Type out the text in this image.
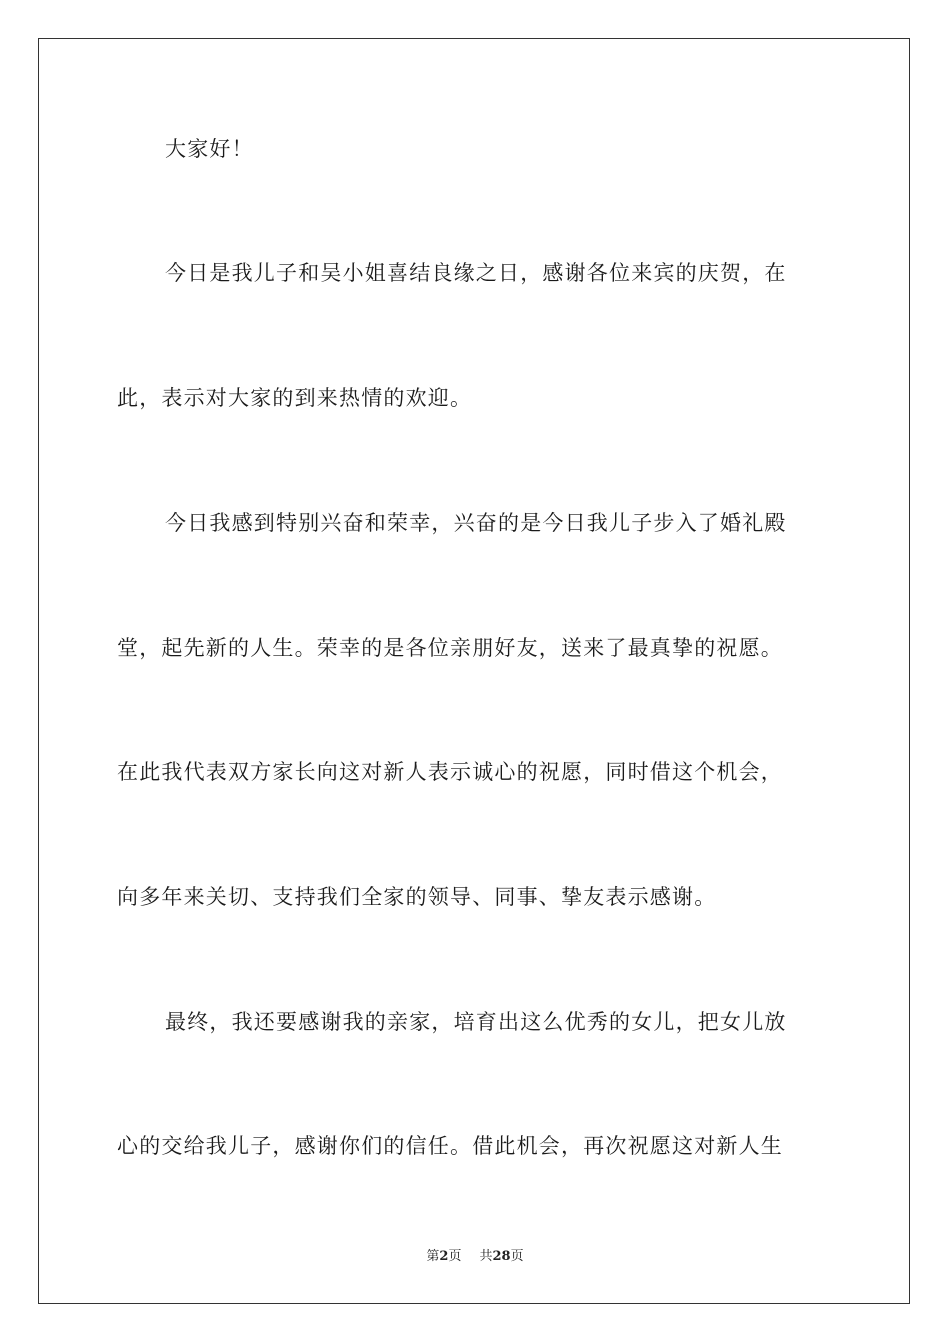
大家好！
今日是我儿子和吴小姐喜结良缘之日，感谢各位来宾的庆贺，在
此，表示对大家的到来热情的欢迎。
今日我感到特别兴奋和荣幸，兴奋的是今日我儿子步入了婚礼殿
堂，起先新的人生。荣幸的是各位亲朋好友，送来了最真挚的祝愿。
在此我代表双方家长向这对新人表示诚心的祝愿，同时借这个机会，
向多年来关切、支持我们全家的领导、同事、挚友表示感谢。
最终，我还要感谢我的亲家，培育出这么优秀的女儿，把女儿放
心的交给我儿子，感谢你们的信任。借此机会，再次祝愿这对新人生
第2页 共28页
